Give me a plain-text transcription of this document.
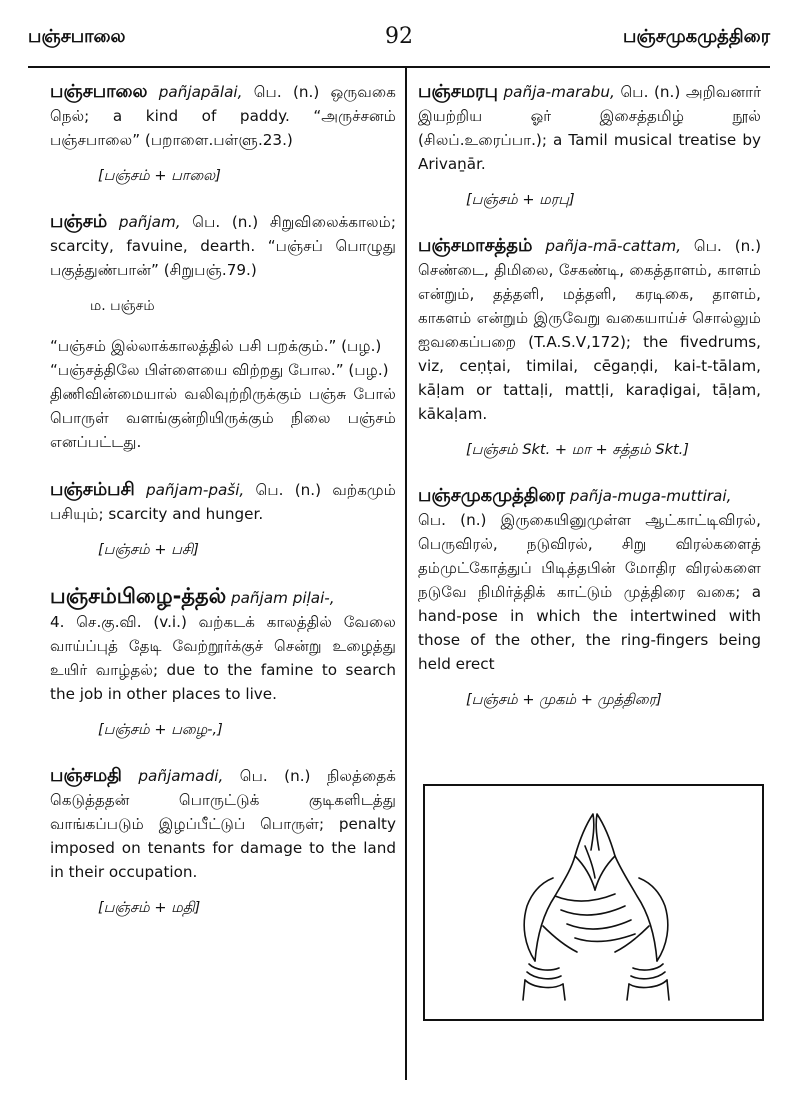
பஞ்சபாலை	92	பஞ்சமுகமுத்திரை

பஞ்சபாலை pañjapālai, பெ. (n.) ஒருவகை நெல்; a kind of paddy. “அருச்சனம் பஞ்சபாலை” (பறாளை.பள்ளு.23.)

[பஞ்சம் + பாலை]

பஞ்சம் pañjam, பெ. (n.) சிறுவிலைக்காலம்; scarcity, favuine, dearth. “பஞ்சப் பொழுது பகுத்துண்பான்” (சிறுபஞ்.79.)

ம. பஞ்சம்

“பஞ்சம் இல்லாக்காலத்தில் பசி பறக்கும்.” (பழ.)

“பஞ்சத்திலே பிள்ளையை விற்றது போல.” (பழ.)

திணிவின்மையால் வலிவுற்றிருக்கும் பஞ்சு போல் பொருள் வளங்குன்றியிருக்கும் நிலை பஞ்சம் எனப்பட்டது.

பஞ்சம்பசி pañjam-paši, பெ. (n.) வற்கமும் பசியும்; scarcity and hunger.

[பஞ்சம் + பசி]

பஞ்சம்பிழை-த்தல் pañjam piḷai-,

4. செ.கு.வி. (v.i.) வற்கடக் காலத்தில் வேலை வாய்ப்புத் தேடி வேற்றூர்க்குச் சென்று உழைத்து உயிர் வாழ்தல்; due to the famine to search the job in other places to live.

[பஞ்சம் + பழை-,]

பஞ்சமதி pañjamadi, பெ. (n.) நிலத்தைக் கெடுத்ததன் பொருட்டுக் குடிகளிடத்து வாங்கப்படும் இழப்பீட்டுப் பொருள்; penalty imposed on tenants for damage to the land in their occupation.

[பஞ்சம் + மதி]

பஞ்சமரபு pañja-marabu, பெ. (n.) அறிவனார் இயற்றிய ஓர் இசைத்தமிழ் நூல் (சிலப்.உரைப்பா.); a Tamil musical treatise by Arivaṉār.

[பஞ்சம் + மரபு]

பஞ்சமாசத்தம் pañja-mā-cattam, பெ. (n.) செண்டை, திமிலை, சேகண்டி, கைத்தாளம், காளம் என்றும், தத்தளி, மத்தளி, கரடிகை, தாளம், காகளம் என்றும் இருவேறு வகையாய்ச் சொல்லும் ஐவகைப்பறை (T.A.S.V,172); the fivedrums, viz, ceṇṭai, timilai, cēgaṇḍi, kai-t-tālam, kāḷam or tattaḷi, mattḷi, karaḍigai, tāḷam, kākaḷam.

[பஞ்சம் Skt. + மா + சத்தம் Skt.]

பஞ்சமுகமுத்திரை pañja-muga-muttirai,

பெ. (n.) இருகையினுமுள்ள ஆட்காட்டிவிரல், பெருவிரல், நடுவிரல், சிறு விரல்களைத் தம்முட்கோத்துப் பிடித்தபின் மோதிர விரல்களை நடுவே நிமிர்த்திக் காட்டும் முத்திரை வகை; a hand-pose in which the intertwined with those of the other, the ring-fingers being held erect

[பஞ்சம் + முகம் + முத்திரை]
